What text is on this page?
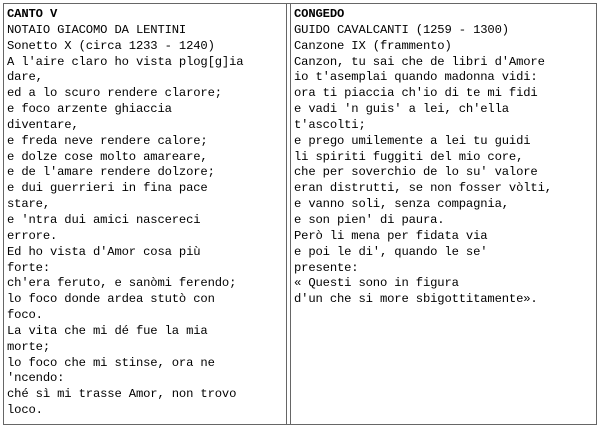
CANTO V
NOTAIO GIACOMO DA LENTINI
Sonetto X (circa 1233 - 1240)
A l'aire claro ho vista plog[g]ia
dare,
ed a lo scuro rendere clarore;
e foco arzente ghiaccia
diventare,
e freda neve rendere calore;
e dolze cose molto amareare,
e de l'amare rendere dolzore;
e dui guerrieri in fina pace
stare,
e 'ntra dui amici nascereci
errore.
Ed ho vista d'Amor cosa più
forte:
ch'era feruto, e sanòmi ferendo;
lo foco donde ardea stutò con
foco.
La vita che mi dé fue la mia
morte;
lo foco che mi stinse, ora ne
'ncendo:
ché sì mi trasse Amor, non trovo
loco.
CONGEDO
GUIDO CAVALCANTI (1259 - 1300)
Canzone IX (frammento)
Canzon, tu sai che de libri d'Amore
io t'asemplai quando madonna vidi:
ora ti piaccia ch'io di te mi fidi
e vadi 'n guis' a lei, ch'ella
t'ascolti;
e prego umilemente a lei tu guidi
li spiriti fuggiti del mio core,
che per soverchio de lo su' valore
eran distrutti, se non fosser vòlti,
e vanno soli, senza compagnia,
e son pien' di paura.
Però li mena per fidata via
e poi le di', quando le se'
presente:
« Questi sono in figura
d'un che si more sbigottitamente».
